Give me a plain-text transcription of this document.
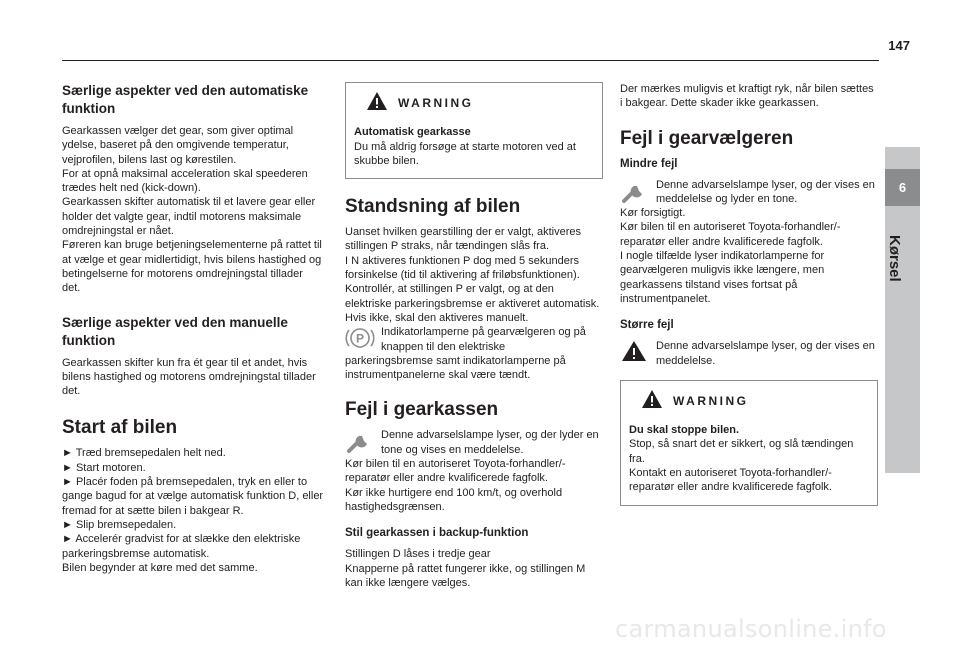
147
6
Kørsel
Særlige aspekter ved den automatiske funktion
Gearkassen vælger det gear, som giver optimal ydelse, baseret på den omgivende temperatur, vejprofilen, bilens last og kørestilen.
For at opnå maksimal acceleration skal speederen trædes helt ned (kick-down).
Gearkassen skifter automatisk til et lavere gear eller holder det valgte gear, indtil motorens maksimale omdrejningstal er nået.
Føreren kan bruge betjeningselementerne på rattet til at vælge et gear midlertidigt, hvis bilens hastighed og betingelserne for motorens omdrejningstal tillader det.
Særlige aspekter ved den manuelle funktion
Gearkassen skifter kun fra ét gear til et andet, hvis bilens hastighed og motorens omdrejningstal tillader det.
Start af bilen
► Træd bremsepedalen helt ned.
► Start motoren.
► Placér foden på bremsepedalen, tryk en eller to gange bagud for at vælge automatisk funktion D, eller fremad for at sætte bilen i bakgear R.
► Slip bremsepedalen.
► Accelerér gradvist for at slække den elektriske parkeringsbremse automatisk.
Bilen begynder at køre med det samme.
WARNING
Automatisk gearkasse
Du må aldrig forsøge at starte motoren ved at skubbe bilen.
Standsning af bilen
Uanset hvilken gearstilling der er valgt, aktiveres stillingen P straks, når tændingen slås fra.
I N aktiveres funktionen P dog med 5 sekunders forsinkelse (tid til aktivering af friløbsfunktionen).
Kontrollér, at stillingen P er valgt, og at den elektriske parkeringsbremse er aktiveret automatisk. Hvis ikke, skal den aktiveres manuelt.
P Indikatorlamperne på gearvælgeren og på knappen til den elektriske
parkeringsbremse samt indikatorlamperne på instrumentpanelerne skal være tændt.
Fejl i gearkassen
Denne advarselslampe lyser, og der lyder en tone og vises en meddelelse.
Kør bilen til en autoriseret Toyota-forhandler/-reparatør eller andre kvalificerede fagfolk.
Kør ikke hurtigere end 100 km/t, og overhold hastighedsgrænsen.
Stil gearkassen i backup-funktion
Stillingen D låses i tredje gear
Knapperne på rattet fungerer ikke, og stillingen M kan ikke længere vælges.
Der mærkes muligvis et kraftigt ryk, når bilen sættes i bakgear. Dette skader ikke gearkassen.
Fejl i gearvælgeren
Mindre fejl
Denne advarselslampe lyser, og der vises en meddelelse og lyder en tone.
Kør forsigtigt.
Kør bilen til en autoriseret Toyota-forhandler/-reparatør eller andre kvalificerede fagfolk.
I nogle tilfælde lyser indikatorlamperne for gearvælgeren muligvis ikke længere, men gearkassens tilstand vises fortsat på instrumentpanelet.
Større fejl
Denne advarselslampe lyser, og der vises en meddelelse.
WARNING
Du skal stoppe bilen.
Stop, så snart det er sikkert, og slå tændingen fra.
Kontakt en autoriseret Toyota-forhandler/-reparatør eller andre kvalificerede fagfolk.
carmanualsonline.info
